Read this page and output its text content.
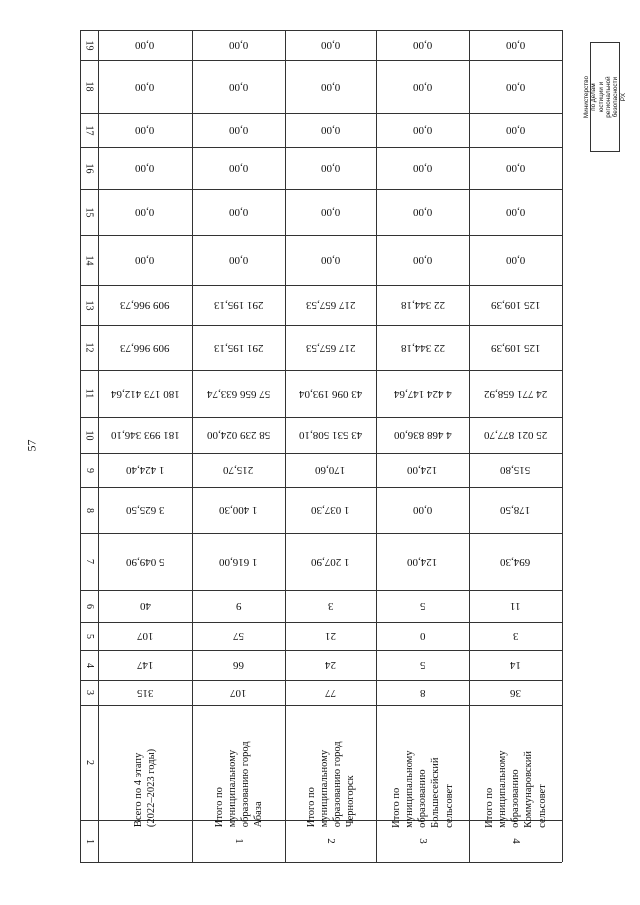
57
Министерство по делам
юстиции и региональной
безопасности РХ
19
18
17
16
15
14
13
12
11
10
9
8
7
6
5
4
3
2
1
315
147
107
40
5 049,90
3 625,50
1 424,40
181 993 346,10
180 173 412,64
909 966,73
909 966,73
0,00
0,00
0,00
0,00
0,00
0,00
Всего по 4 этапу
(2022–2023 годы)
107
66
57
9
1 616,00
1 400,30
215,70
58 239 024,00
57 656 633,74
291 195,13
291 195,13
0,00
0,00
0,00
0,00
0,00
0,00
Итого по
муниципальному
образованию город
Абаза
1
77
24
21
3
1 207,90
1 037,30
170,60
43 531 508,10
43 096 193,04
217 657,53
217 657,53
0,00
0,00
0,00
0,00
0,00
0,00
Итого по
муниципальному
образованию город
Черногорск
2
8
5
0
5
124,00
0,00
124,00
4 468 836,00
4 424 147,64
22 344,18
22 344,18
0,00
0,00
0,00
0,00
0,00
0,00
Итого по
муниципальному
образованию
Большесейский
сельсовет
3
36
14
3
11
694,30
178,50
515,80
25 021 877,70
24 771 658,92
125 109,39
125 109,39
0,00
0,00
0,00
0,00
0,00
0,00
Итого по
муниципальному
образованию
Коммунаровский
сельсовет
4
